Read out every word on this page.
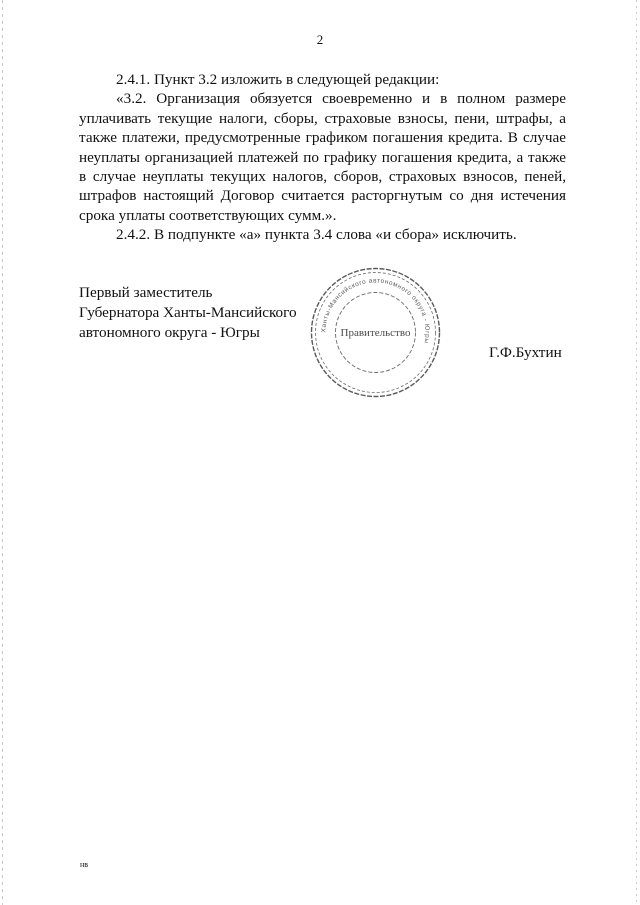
2

2.4.1. Пункт 3.2 изложить в следующей редакции:

«3.2. Организация обязуется своевременно и в полном размере уплачивать текущие налоги, сборы, страховые взносы, пени, штрафы, а также платежи, предусмотренные графиком погашения кредита. В случае неуплаты организацией платежей по графику погашения кредита, а также в случае неуплаты текущих налогов, сборов, страховых взносов, пеней, штрафов настоящий Договор считается расторгнутым со дня истечения срока уплаты соответствующих сумм.».

2.4.2. В подпункте «а» пункта 3.4 слова «и сбора» исключить.

Первый заместитель
Губернатора Ханты-Мансийского
автономного округа - Югры	Ханты-Мансийского автономного округа - Югры
Правительство
Г.Ф.Бухтин
нв
